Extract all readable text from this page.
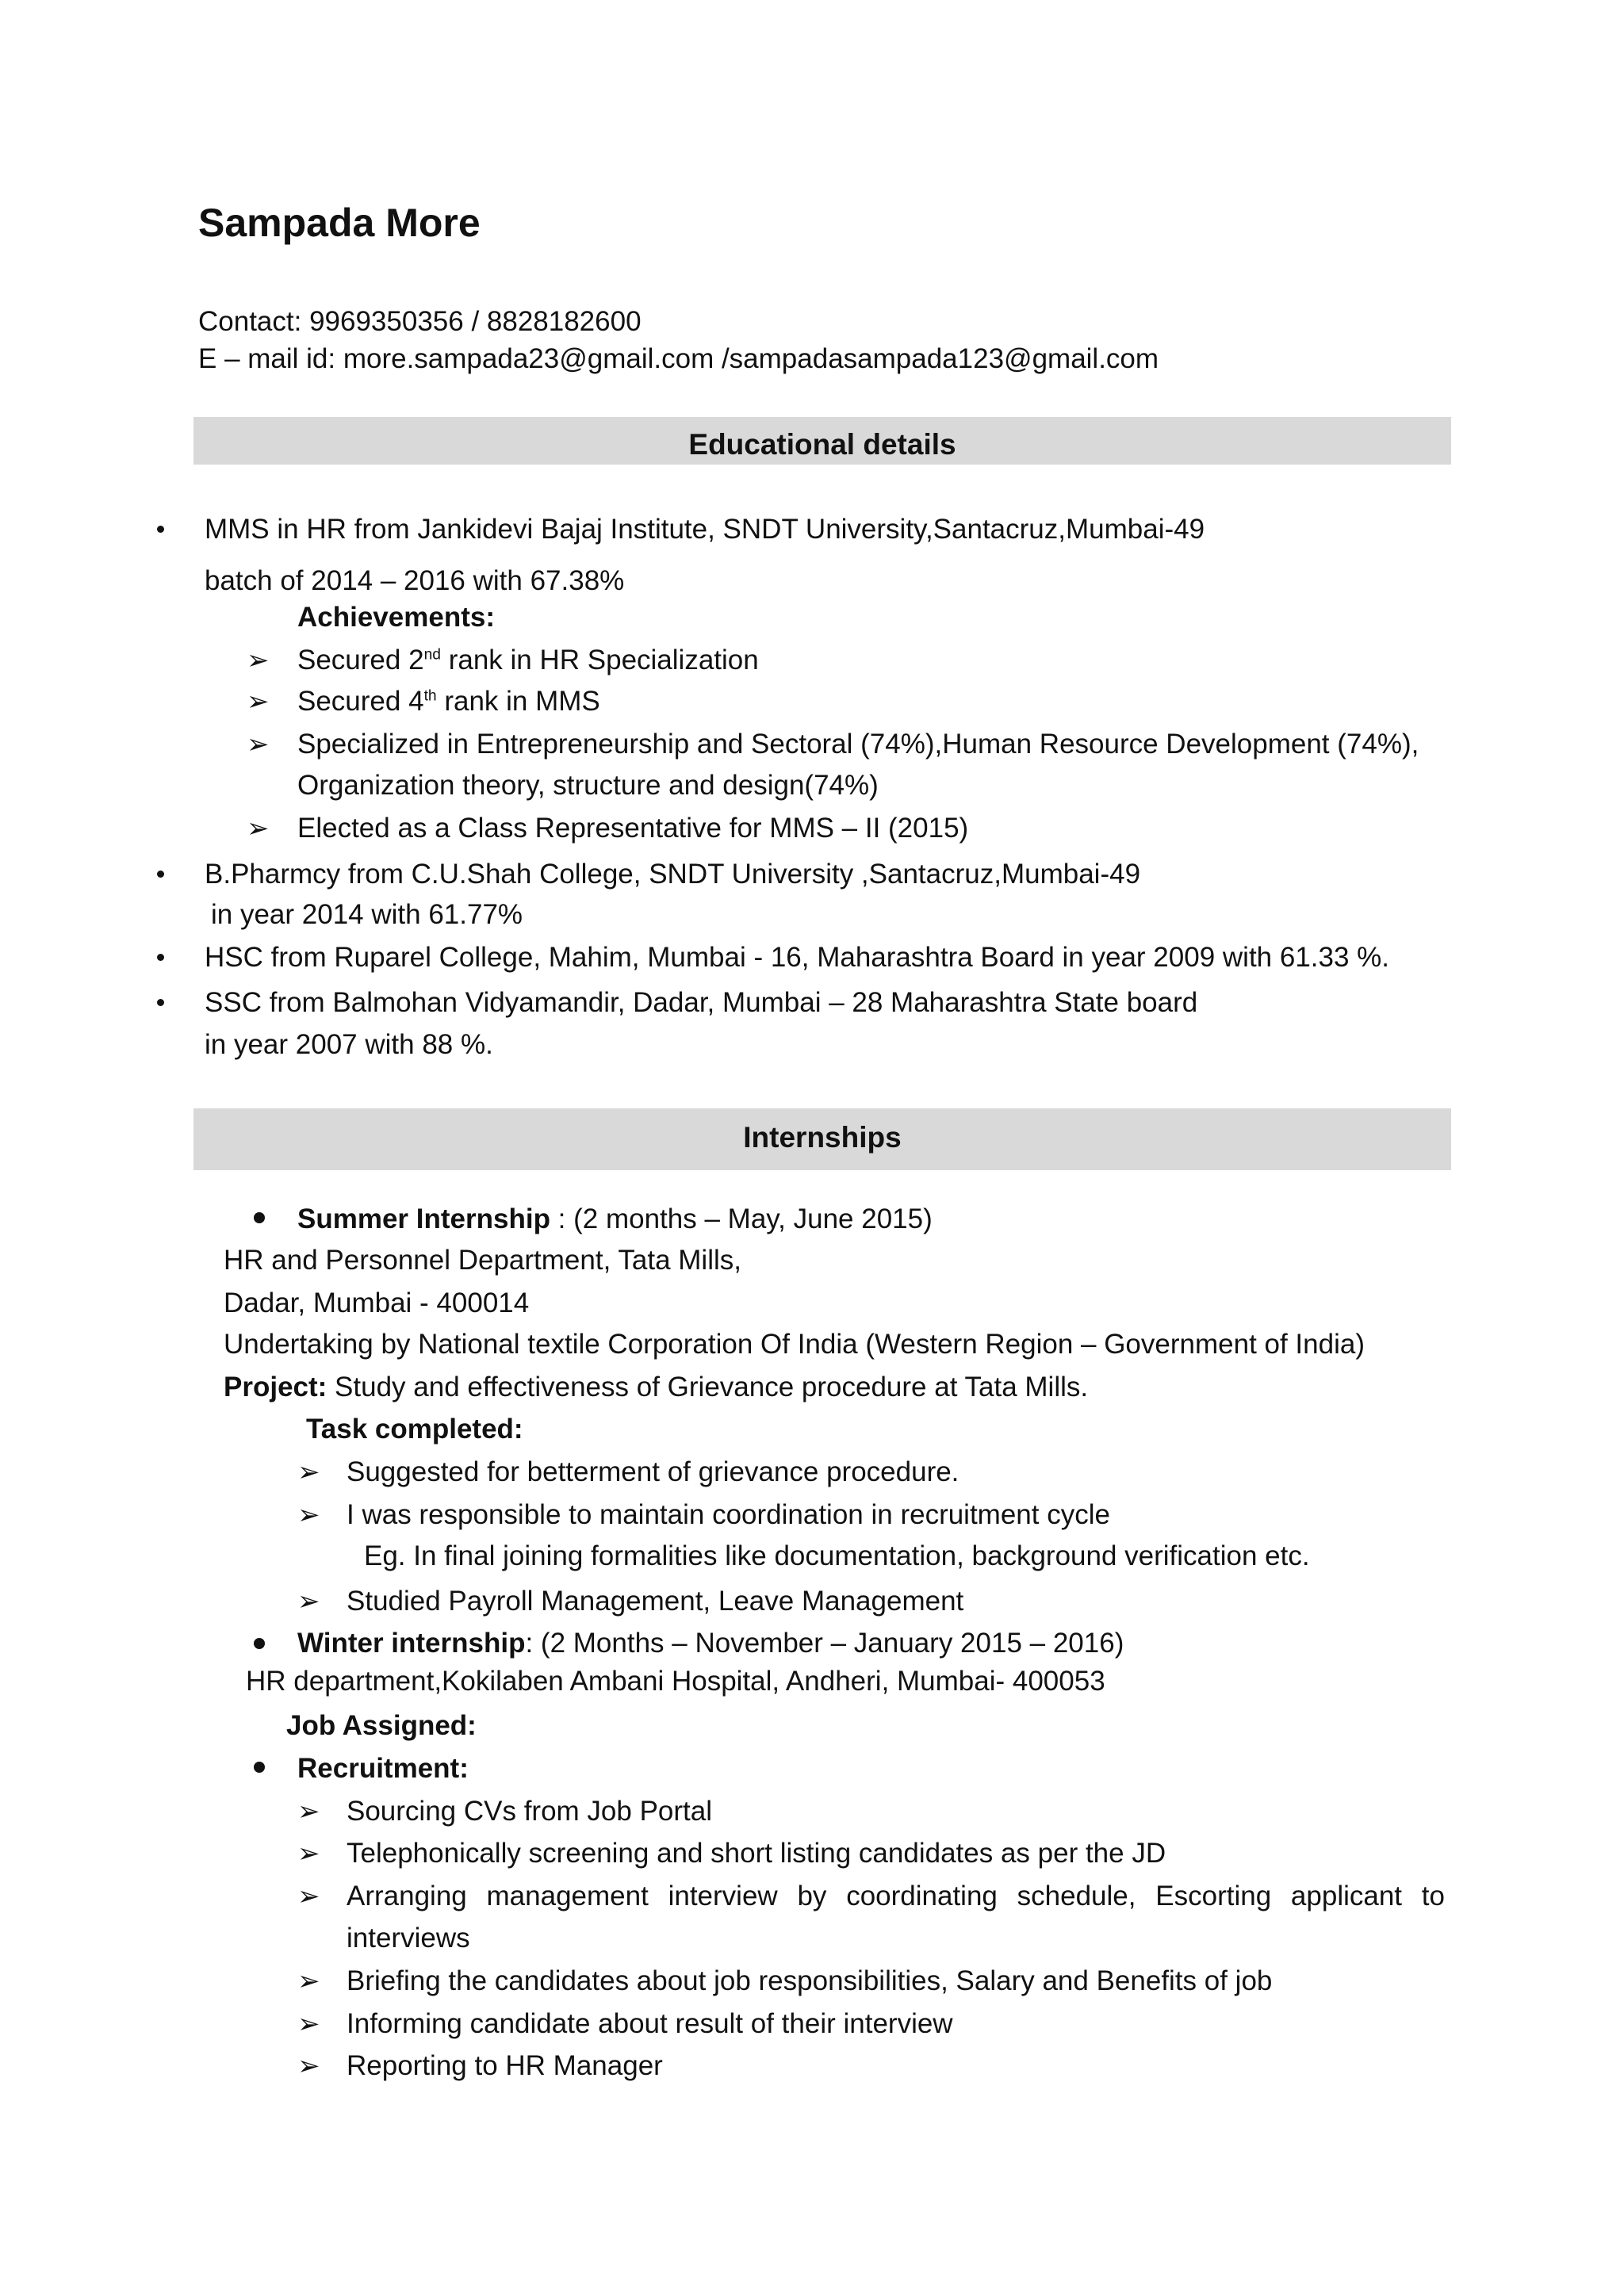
Sampada More
Contact: 9969350356 / 8828182600
E – mail id: more.sampada23@gmail.com /sampadasampada123@gmail.com
Educational details
MMS in HR from Jankidevi Bajaj Institute, SNDT University,Santacruz,Mumbai-49
batch of 2014 – 2016 with 67.38%
Achievements:
➢ Secured 2nd rank in HR Specialization
➢ Secured 4th rank in MMS
➢ Specialized in Entrepreneurship and Sectoral (74%),Human Resource Development (74%),
Organization theory, structure and design(74%)
➢ Elected as a Class Representative for MMS – II (2015)
B.Pharmcy from C.U.Shah College, SNDT University ,Santacruz,Mumbai-49
in year 2014 with 61.77%
HSC from Ruparel College, Mahim, Mumbai - 16, Maharashtra Board in year 2009 with 61.33 %.
SSC from Balmohan Vidyamandir, Dadar, Mumbai – 28 Maharashtra State board
in year 2007 with 88 %.
Internships
Summer Internship : (2 months – May, June 2015)
HR and Personnel Department, Tata Mills,
Dadar, Mumbai - 400014
Undertaking by National textile Corporation Of India (Western Region – Government of India)
Project: Study and effectiveness of Grievance procedure at Tata Mills.
Task completed:
➢ Suggested for betterment of grievance procedure.
➢ I was responsible to maintain coordination in recruitment cycle
Eg. In final joining formalities like documentation, background verification etc.
➢ Studied Payroll Management, Leave Management
Winter internship: (2 Months – November – January 2015 – 2016)
HR department,Kokilaben Ambani Hospital, Andheri, Mumbai- 400053
Job Assigned:
Recruitment:
➢ Sourcing CVs from Job Portal
➢ Telephonically screening and short listing candidates as per the JD
➢ Arranging management interview by coordinating schedule, Escorting applicant to
interviews
➢ Briefing the candidates about job responsibilities, Salary and Benefits of job
➢ Informing candidate about result of their interview
➢ Reporting to HR Manager
